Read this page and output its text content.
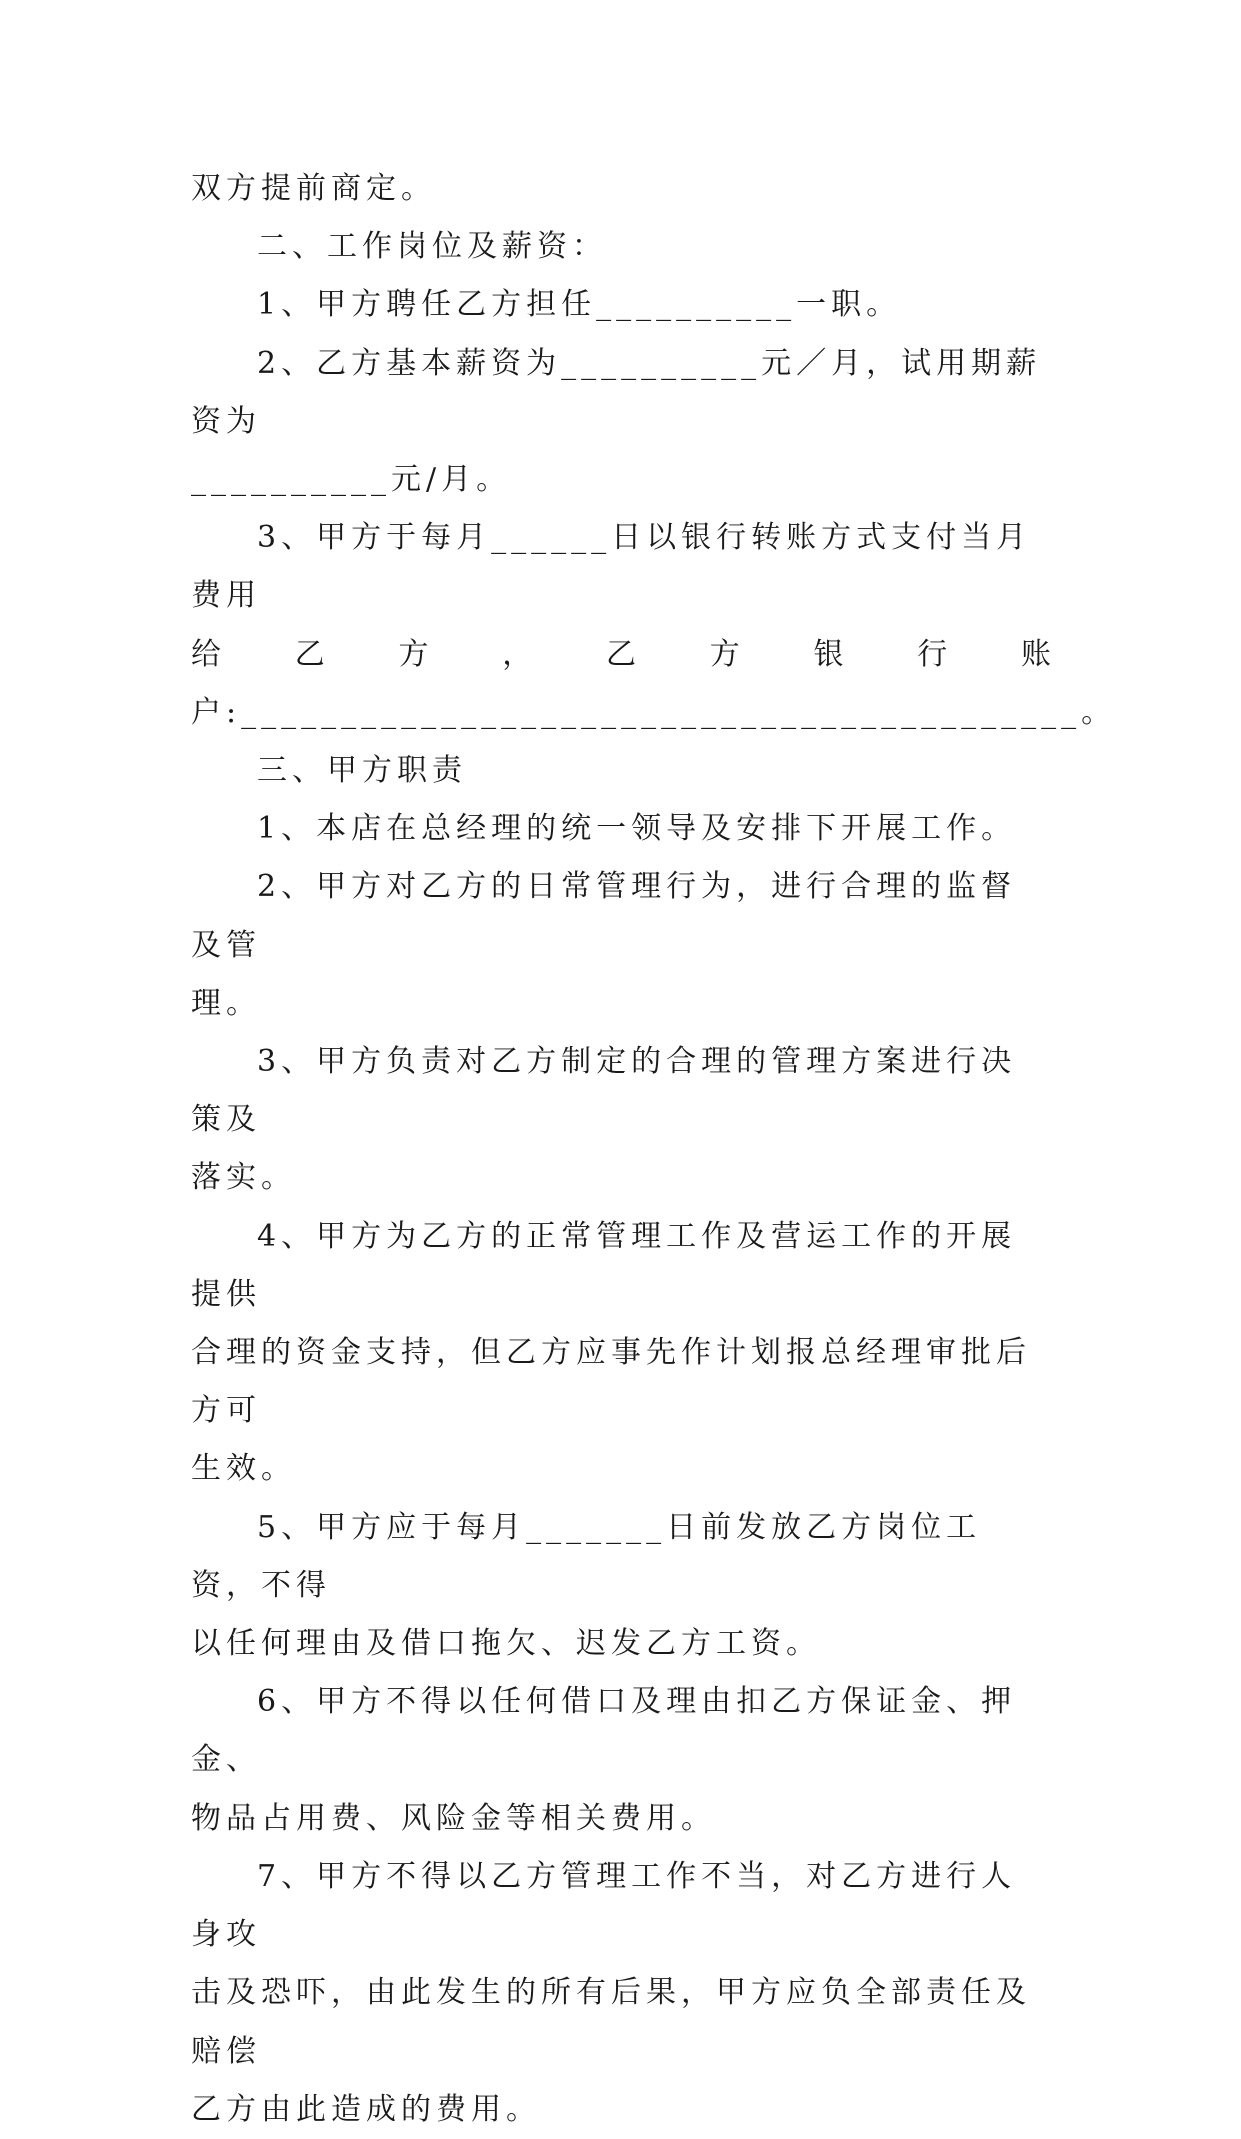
双方提前商定。

二、工作岗位及薪资：

1、甲方聘任乙方担任__________一职。

2、乙方基本薪资为__________元／月，试用期薪资为

__________元/月。

3、甲方于每月______日以银行转账方式支付当月费用

给 乙 方 ， 乙 方 银 行 账

户:__________________________________________。

三、甲方职责

1、本店在总经理的统一领导及安排下开展工作。

2、甲方对乙方的日常管理行为，进行合理的监督及管

理。

3、甲方负责对乙方制定的合理的管理方案进行决策及

落实。

4、甲方为乙方的正常管理工作及营运工作的开展提供

合理的资金支持，但乙方应事先作计划报总经理审批后方可

生效。

5、甲方应于每月_______日前发放乙方岗位工资，不得

以任何理由及借口拖欠、迟发乙方工资。

6、甲方不得以任何借口及理由扣乙方保证金、押金、

物品占用费、风险金等相关费用。

7、甲方不得以乙方管理工作不当，对乙方进行人身攻

击及恐吓，由此发生的所有后果，甲方应负全部责任及赔偿

乙方由此造成的费用。
